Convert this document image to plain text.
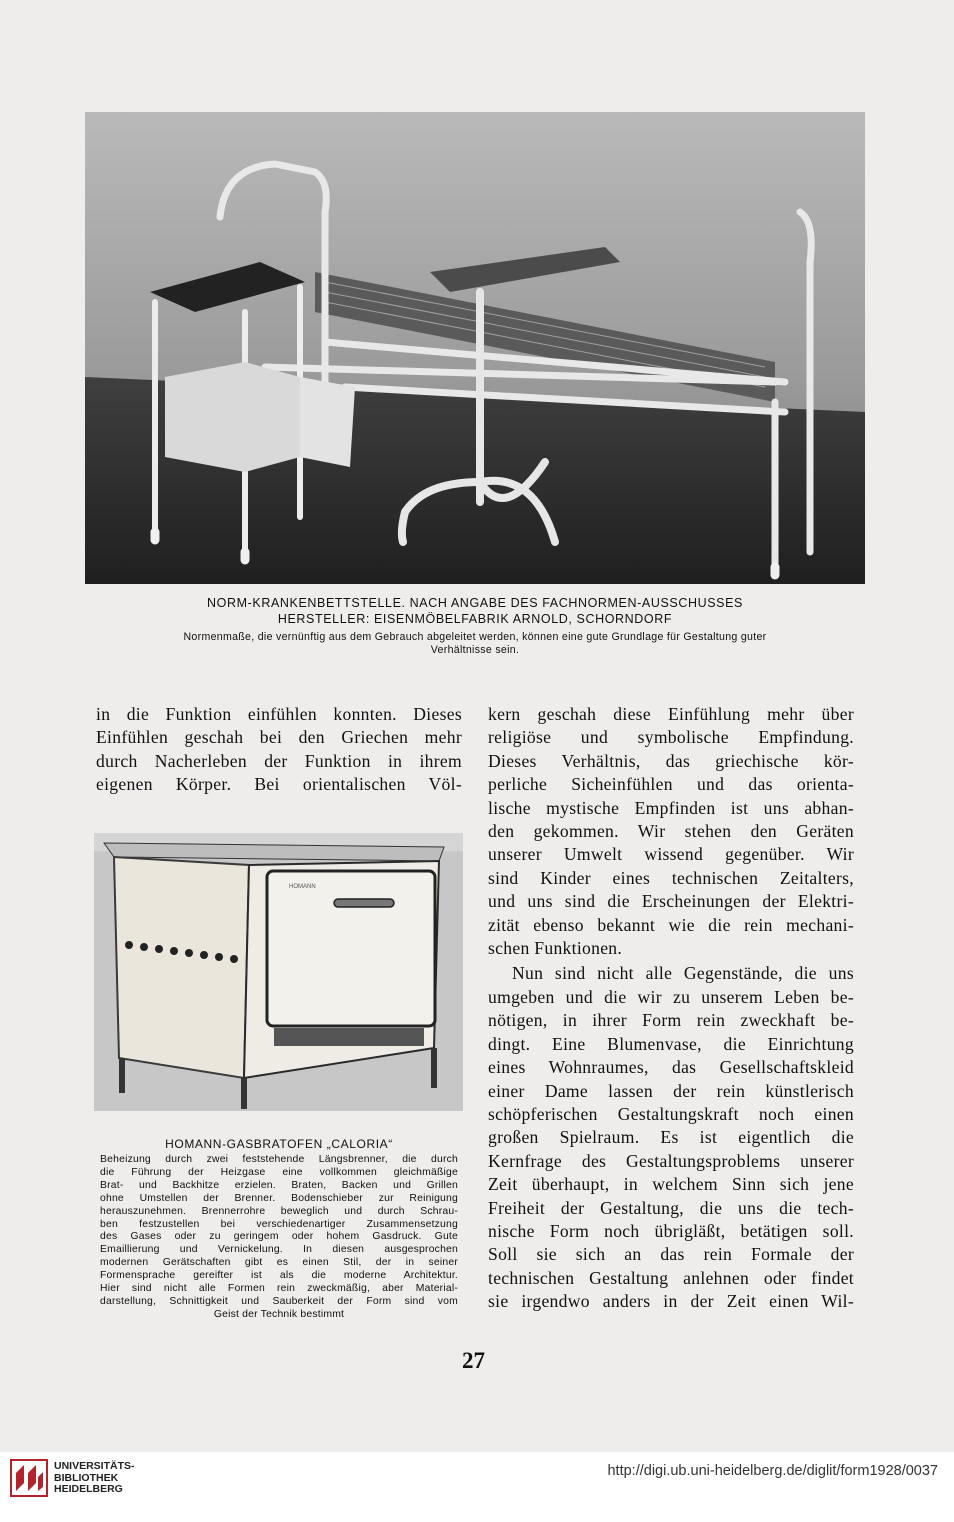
NORM-KRANKENBETTSTELLE. NACH ANGABE DES FACHNORMEN-AUSSCHUSSES
HERSTELLER: EISENMÖBELFABRIK ARNOLD, SCHORNDORF
Normenmaße, die vernünftig aus dem Gebrauch abgeleitet werden, können eine gute Grundlage für Gestaltung guter
Verhältnisse sein.
in die Funktion einfühlen konnten. Dieses
Einfühlen geschah bei den Griechen mehr
durch Nacherleben der Funktion in ihrem
eigenen Körper. Bei orientalischen Völ-
HOMANN
HOMANN-GASBRATOFEN „CALORIA“
Beheizung durch zwei feststehende Längsbrenner, die durch
die Führung der Heizgase eine vollkommen gleichmäßige
Brat- und Backhitze erzielen. Braten, Backen und Grillen
ohne Umstellen der Brenner. Bodenschieber zur Reinigung
herauszunehmen. Brennerrohre beweglich und durch Schrau-
ben festzustellen bei verschiedenartiger Zusammensetzung
des Gases oder zu geringem oder hohem Gasdruck. Gute
Emaillierung und Vernickelung. In diesen ausgesprochen
modernen Gerätschaften gibt es einen Stil, der in seiner
Formensprache gereifter ist als die moderne Architektur.
Hier sind nicht alle Formen rein zweckmäßig, aber Material-
darstellung, Schnittigkeit und Sauberkeit der Form sind vom
Geist der Technik bestimmt
kern geschah diese Einfühlung mehr über
religiöse und symbolische Empfindung.
Dieses Verhältnis, das griechische kör-
perliche Sicheinfühlen und das orienta-
lische mystische Empfinden ist uns abhan-
den gekommen. Wir stehen den Geräten
unserer Umwelt wissend gegenüber. Wir
sind Kinder eines technischen Zeitalters,
und uns sind die Erscheinungen der Elektri-
zität ebenso bekannt wie die rein mechani-
schen Funktionen.
Nun sind nicht alle Gegenstände, die uns
umgeben und die wir zu unserem Leben be-
nötigen, in ihrer Form rein zweckhaft be-
dingt. Eine Blumenvase, die Einrichtung
eines Wohnraumes, das Gesellschaftskleid
einer Dame lassen der rein künstlerisch
schöpferischen Gestaltungskraft noch einen
großen Spielraum. Es ist eigentlich die
Kernfrage des Gestaltungsproblems unserer
Zeit überhaupt, in welchem Sinn sich jene
Freiheit der Gestaltung, die uns die tech-
nische Form noch übrigläßt, betätigen soll.
Soll sie sich an das rein Formale der
technischen Gestaltung anlehnen oder findet
sie irgendwo anders in der Zeit einen Wil-
27
UNIVERSITÄTS-
BIBLIOTHEK
HEIDELBERG
http://digi.ub.uni-heidelberg.de/diglit/form1928/0037
